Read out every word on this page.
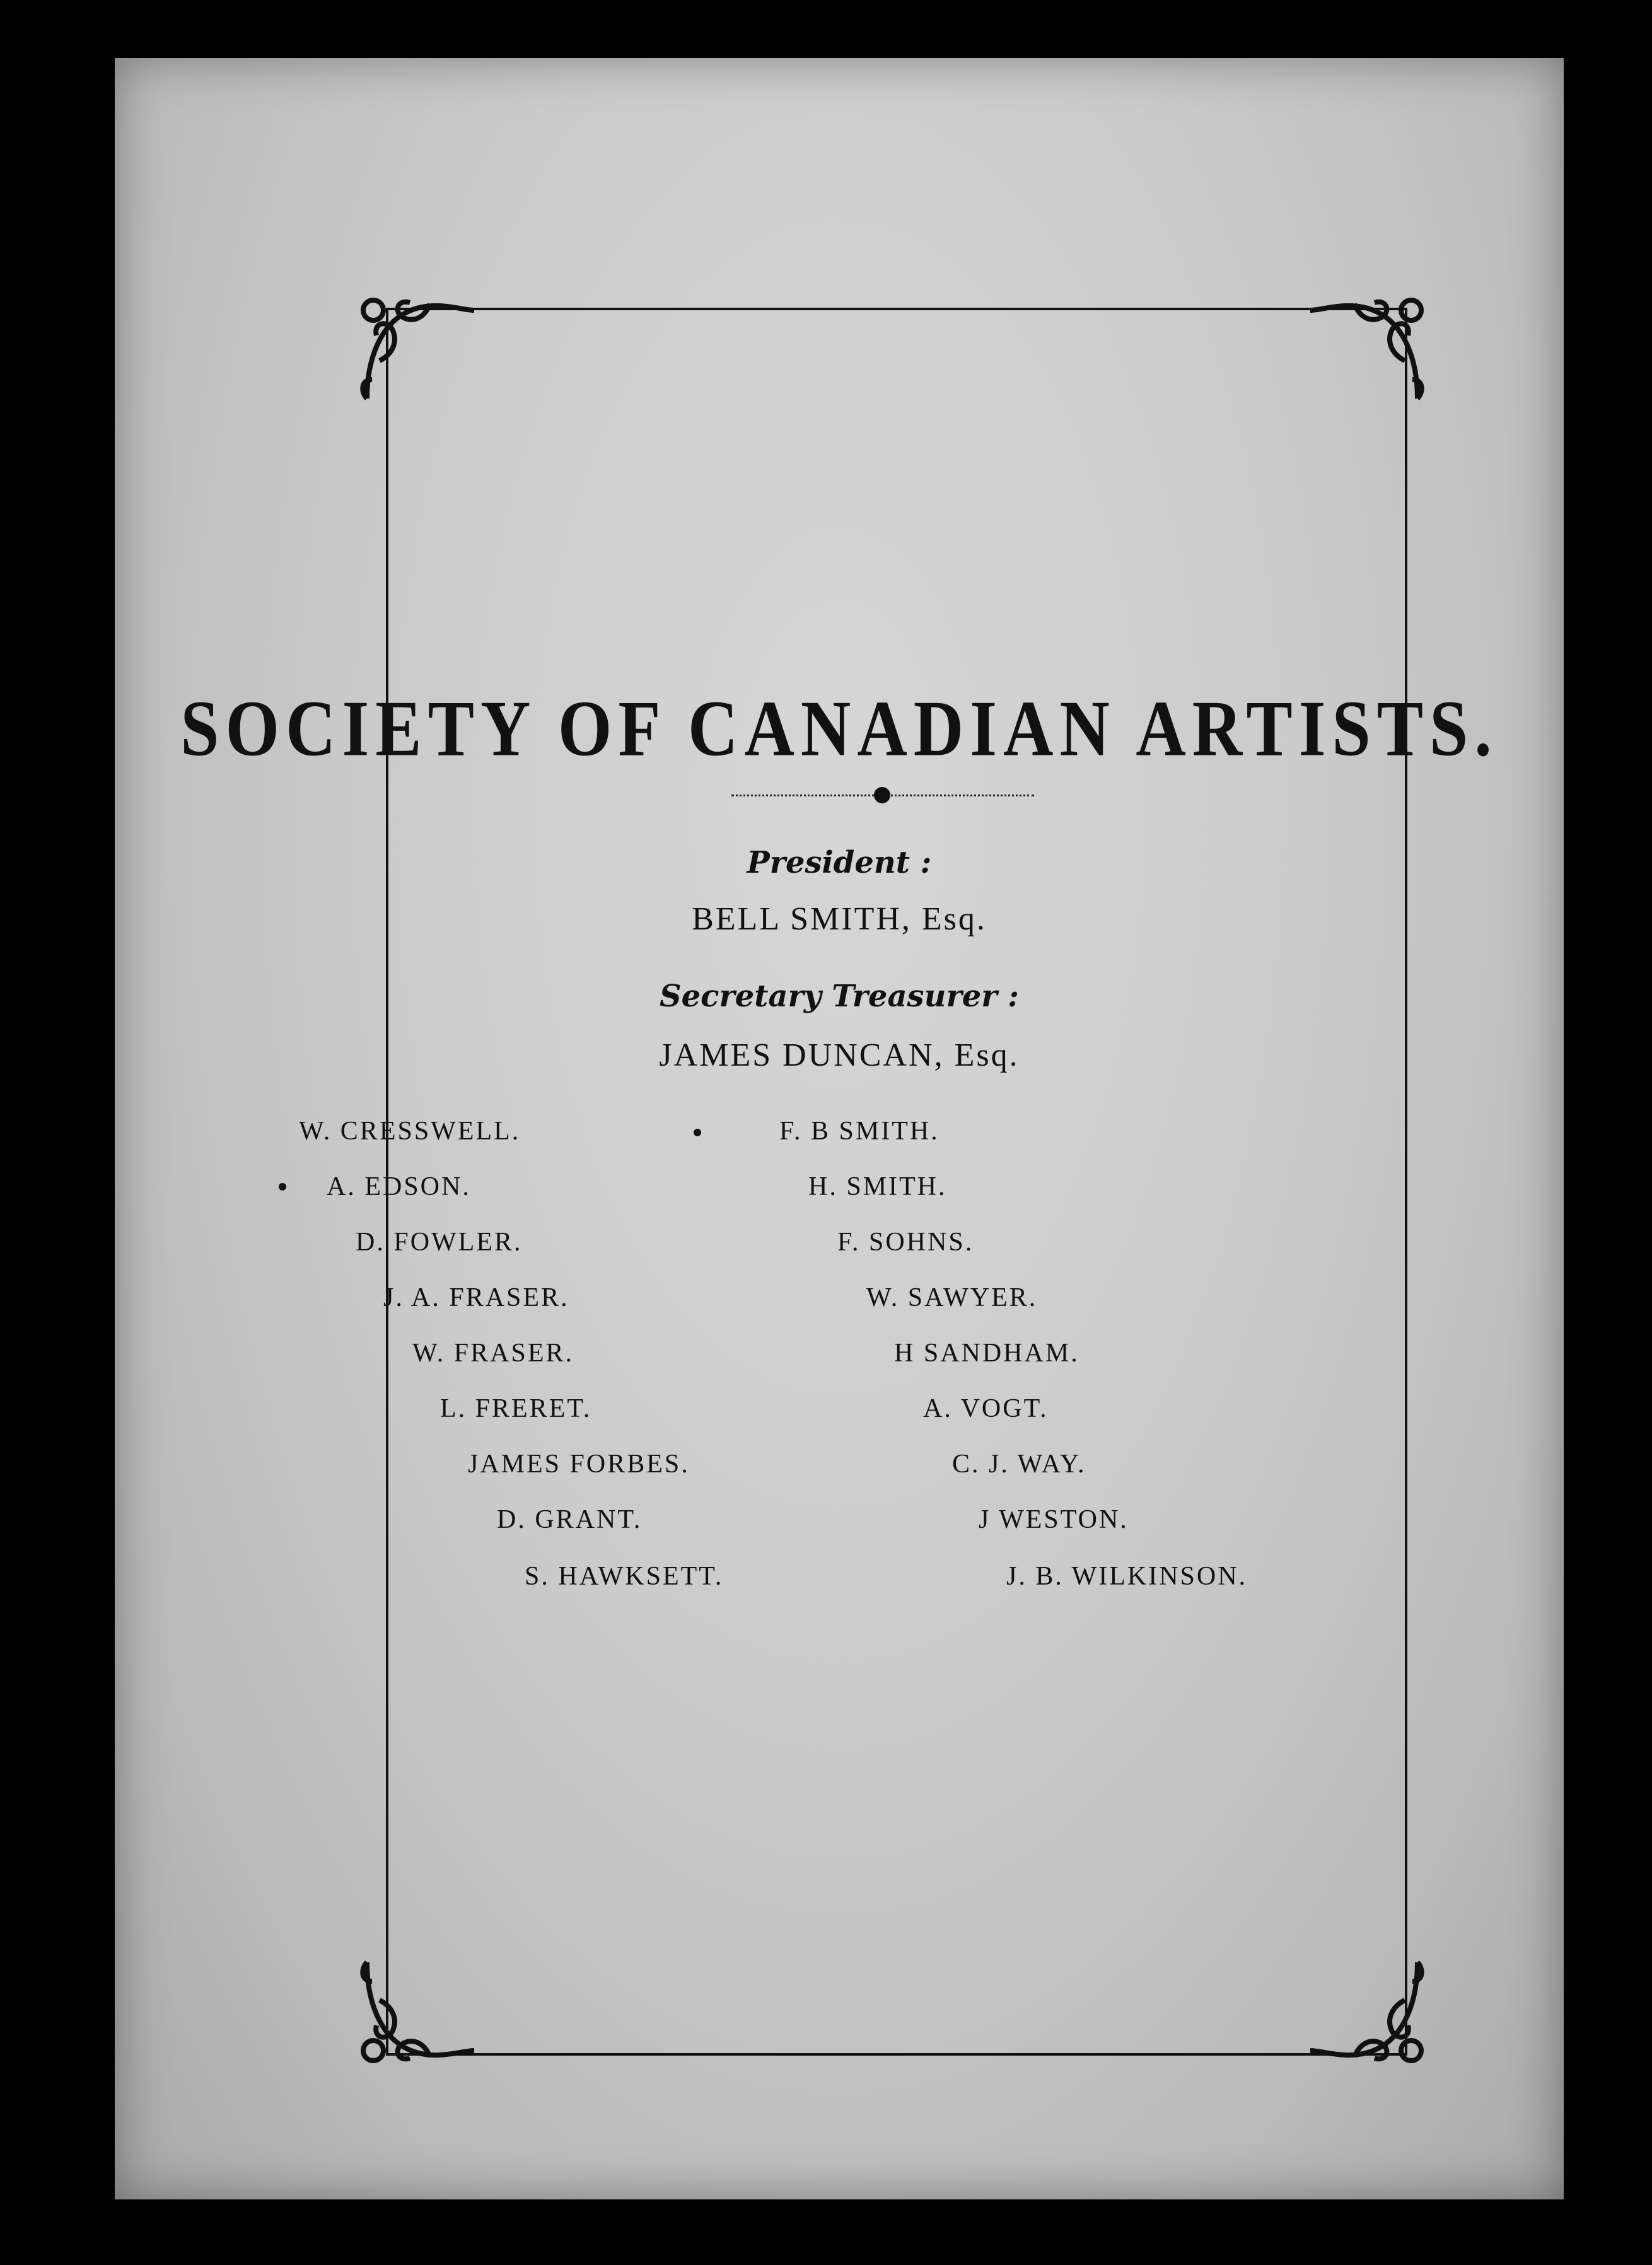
SOCIETY OF CANADIAN ARTISTS.
President :
BELL SMITH, Esq.
Secretary Treasurer :
JAMES DUNCAN, Esq.
W. CRESSWELL.
A. EDSON.
D. FOWLER.
J. A. FRASER.
W. FRASER.
L. FRERET.
JAMES FORBES.
D. GRANT.
S. HAWKSETT.
F. B SMITH.
H. SMITH.
F. SOHNS.
W. SAWYER.
H SANDHAM.
A. VOGT.
C. J. WAY.
J WESTON.
J. B. WILKINSON.
